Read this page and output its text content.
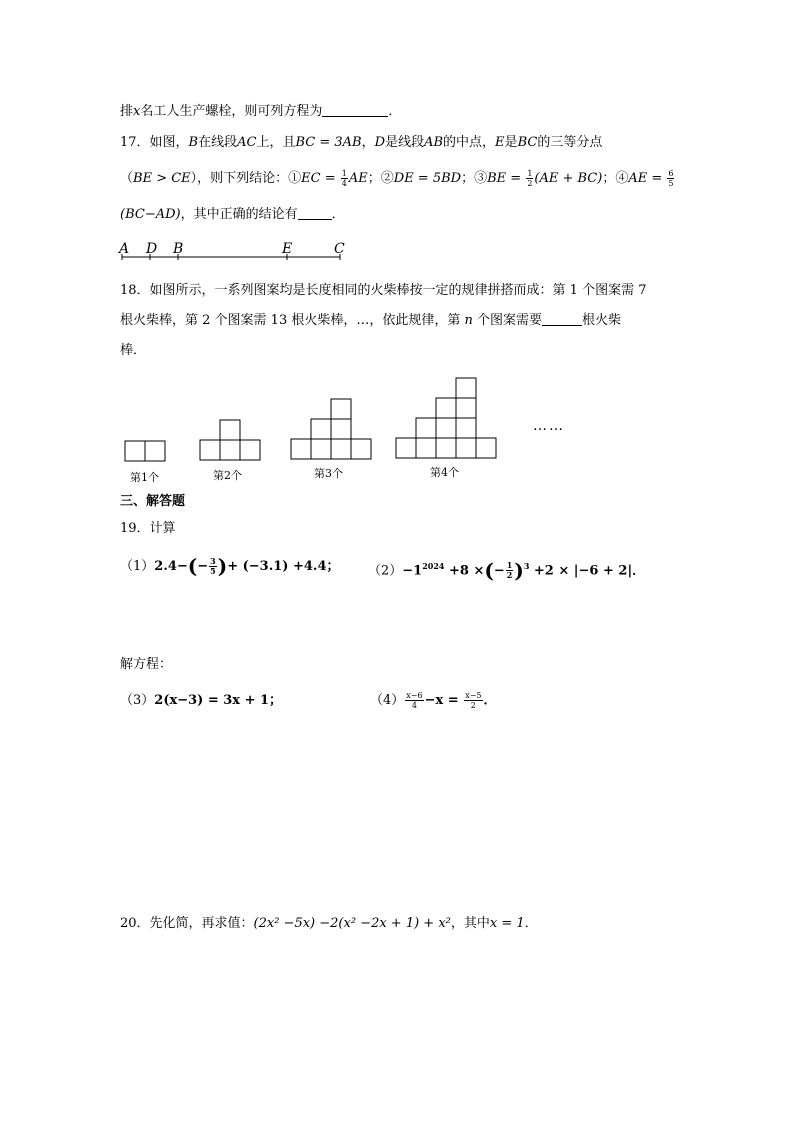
排x名工人生产螺栓，则可列方程为	．
17．如图，B在线段AC上，且BC = 3AB，D是线段AB的中点，E是BC的三等分点
（BE > CE），则下列结论：①EC = $\frac{1}{4}$ AE；②DE = 5BD；③BE = $\frac{1}{2} (AE + BC)$；④AE = $\frac{6}{5}$
(BC−AD)，其中正确的结论有	．
A D B	E	C
18．如图所示，一系列图案均是长度相同的火柴棒按一定的规律拼搭而成：第 1 个图案需 7
根火柴棒，第 2 个图案需 13 根火柴棒，…，依此规律，第 n 个图案需要	根火柴
棒．
第1个	第2个	第3个	第4个
……
三、解答题
19．计算
$(1)2.4-(- \frac{3}{5}$ )+ (−3.1) +4.4； $(2)-1^{2024} +8$ ×(− $\frac{1}{2} )^3 +2 \times |-6 + 2|$．
解方程：
（3）2(x−3) = 3x + 1；	$(4) \frac{x-6}{4} -x = \frac{x-5}{2}$ ．
20．先化简，再求值：(2x² −5x) −2(x² −2x + 1) + x²，其中x = 1．
